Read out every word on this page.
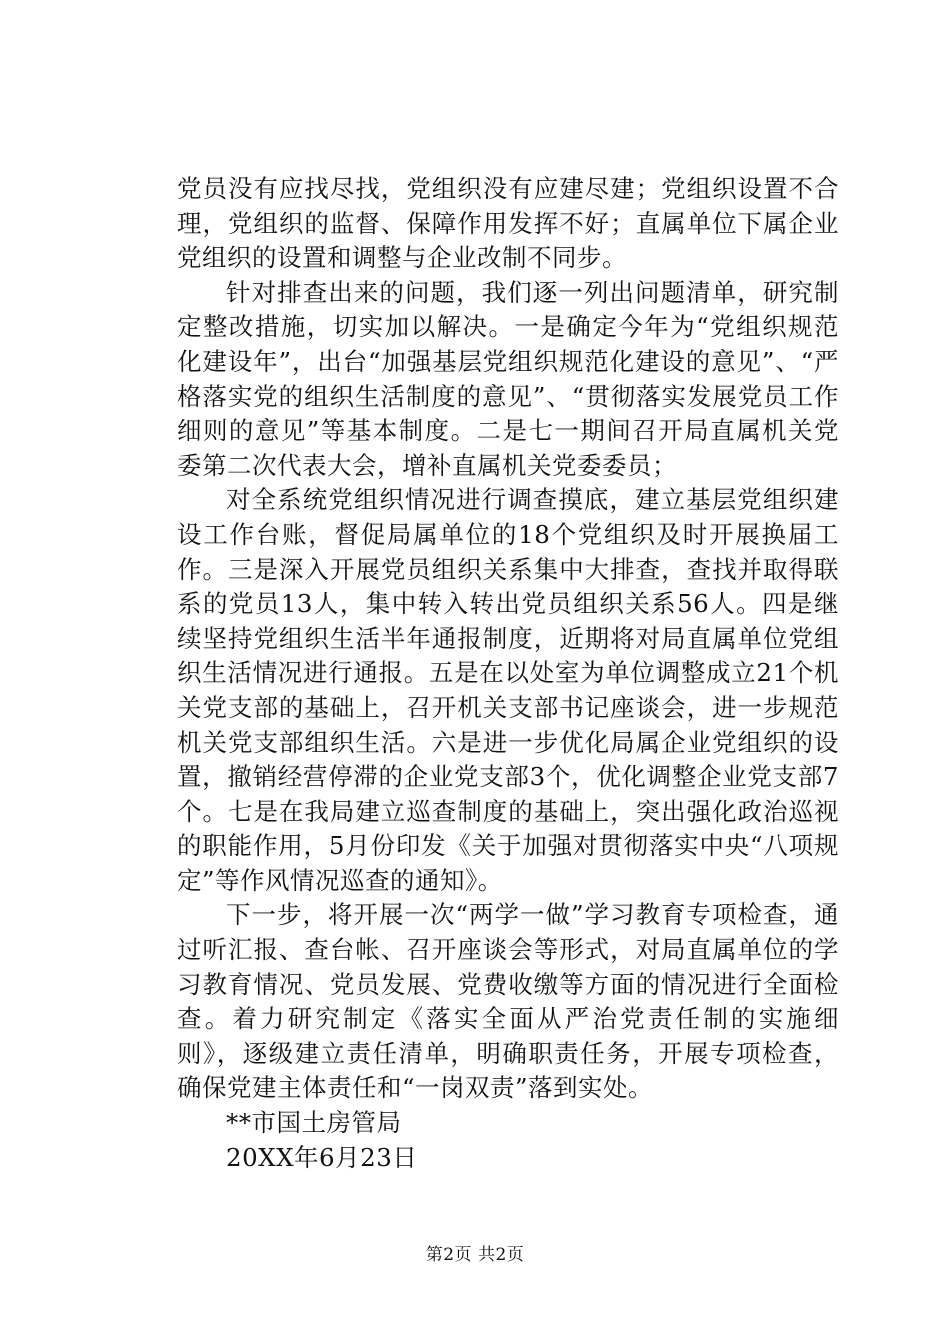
党员没有应找尽找，党组织没有应建尽建；党组织设置不合理，党组织的监督、保障作用发挥不好；直属单位下属企业党组织的设置和调整与企业改制不同步。

针对排查出来的问题，我们逐一列出问题清单，研究制定整改措施，切实加以解决。一是确定今年为“党组织规范化建设年”，出台“加强基层党组织规范化建设的意见”、“严格落实党的组织生活制度的意见”、“贯彻落实发展党员工作细则的意见”等基本制度。二是七一期间召开局直属机关党委第二次代表大会，增补直属机关党委委员；

对全系统党组织情况进行调查摸底，建立基层党组织建设工作台账，督促局属单位的18个党组织及时开展换届工作。三是深入开展党员组织关系集中大排查，查找并取得联系的党员13人，集中转入转出党员组织关系56人。四是继续坚持党组织生活半年通报制度，近期将对局直属单位党组织生活情况进行通报。五是在以处室为单位调整成立21个机关党支部的基础上，召开机关支部书记座谈会，进一步规范机关党支部组织生活。六是进一步优化局属企业党组织的设置，撤销经营停滞的企业党支部3个，优化调整企业党支部7个。七是在我局建立巡查制度的基础上，突出强化政治巡视的职能作用，5月份印发《关于加强对贯彻落实中央“八项规定”等作风情况巡查的通知》。

下一步，将开展一次“两学一做”学习教育专项检查，通过听汇报、查台帐、召开座谈会等形式，对局直属单位的学习教育情况、党员发展、党费收缴等方面的情况进行全面检查。着力研究制定《落实全面从严治党责任制的实施细则》，逐级建立责任清单，明确职责任务，开展专项检查，确保党建主体责任和“一岗双责”落到实处。

**市国土房管局

20XX年6月23日

第2页 共2页
